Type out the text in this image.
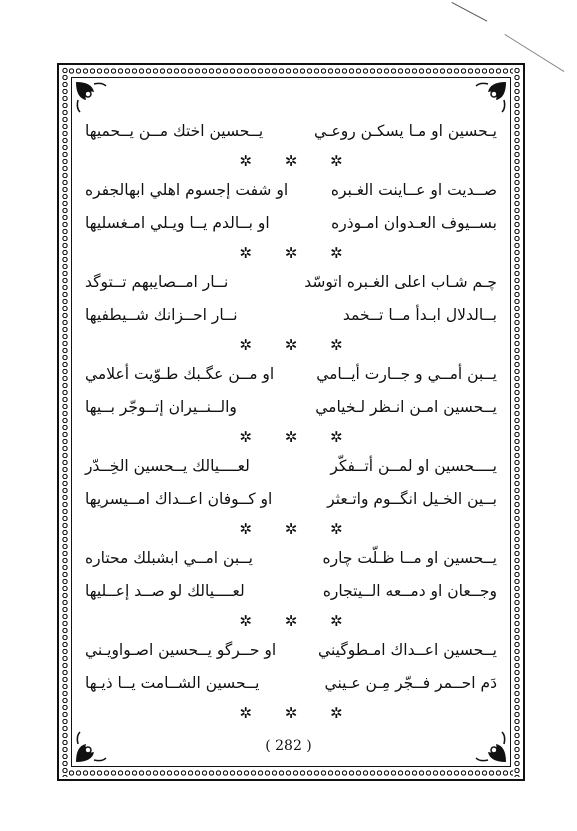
يـحسين او مـا يسكـن روعـي
يــحسين اختك مــن يــحميها
✲ ✲ ✲
صــديت او عــاينت الغـبره
او شفت إجسوم اهلي ابهالجفره
بســيوف العـدوان امـوذره
او بــالدم يــا ويـلي امـغسليها
✲ ✲ ✲
چـم شـاب اعلى الغـبره اتوسّد
نــار امــصايبهم تــتوگد
بــالدلال ابـدأ مــا تــخمد
نــار احــزانك شــيطفيها
✲ ✲ ✲
يــبن أمــي و جــارت أيــامي
او مــن عگـبك طـوّيت أعلامي
يــحسين امـن انـظر لـخيامي
والــنــيران إتــوجّر بــيها
✲ ✲ ✲
يــــحسين او لمــن أتــفكّر
لعــــيالك يــحسين الخِــدّر
بــين الخـيل انگــوم واتـعثر
او كــوفان اعــداك امــيسريها
✲ ✲ ✲
يــحسين او مــا ظـلّت چاره
يــبن امــي ابشبلك محتاره
وجــعان او دمــعه الــيتجاره
لعــــيالك لو صــد إعــليها
✲ ✲ ✲
يــحسين اعــداك امـطوگيني
او حــرگو يــحسين اصـواويـني
دَم احــمر فــجّر مِـن عـيني
يــحسين الشــامت يــا ذيـها
✲ ✲ ✲
( 282 )
